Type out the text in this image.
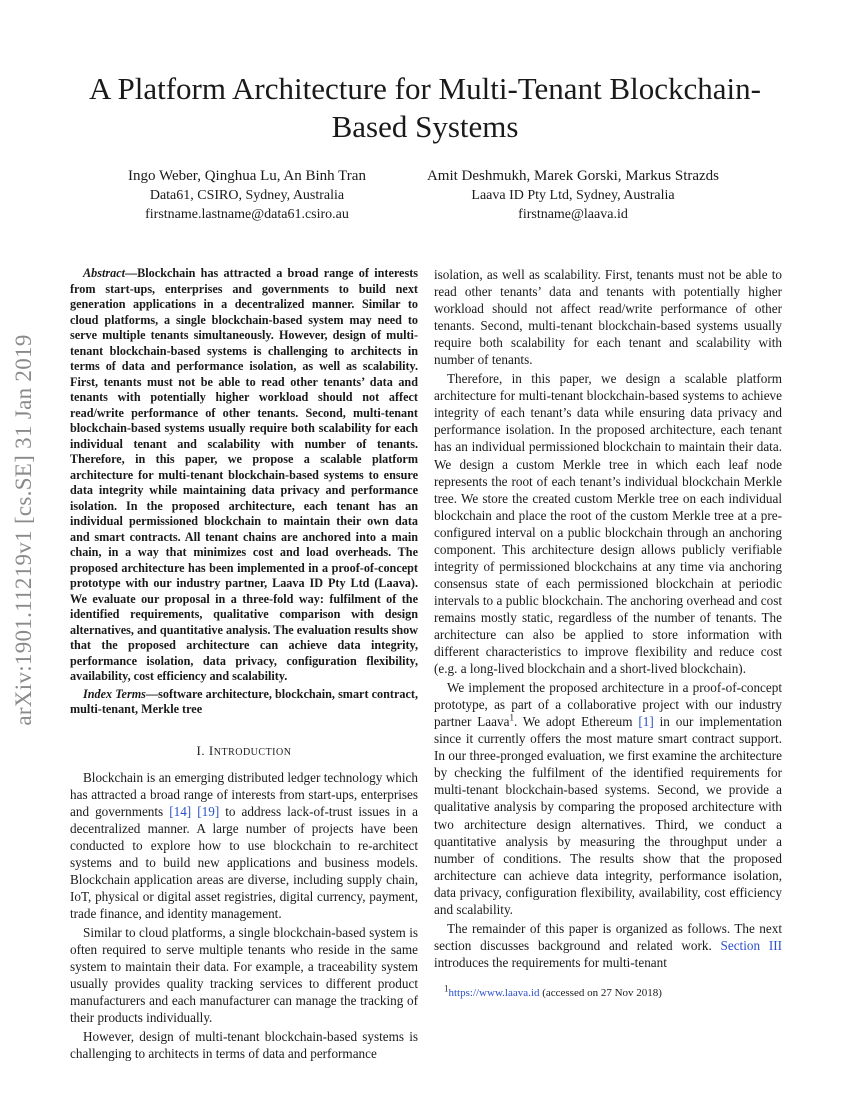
arXiv:1901.11219v1 [cs.SE] 31 Jan 2019
A Platform Architecture for Multi-Tenant Blockchain-Based Systems
Ingo Weber, Qinghua Lu, An Binh Tran
Data61, CSIRO, Sydney, Australia
firstname.lastname@data61.csiro.au
Amit Deshmukh, Marek Gorski, Markus Strazds
Laava ID Pty Ltd, Sydney, Australia
firstname@laava.id

Abstract—Blockchain has attracted a broad range of interests from start-ups, enterprises and governments to build next generation applications in a decentralized manner. Similar to cloud platforms, a single blockchain-based system may need to serve multiple tenants simultaneously. However, design of multi-tenant blockchain-based systems is challenging to architects in terms of data and performance isolation, as well as scalability. First, tenants must not be able to read other tenants’ data and tenants with potentially higher workload should not affect read/write performance of other tenants. Second, multi-tenant blockchain-based systems usually require both scalability for each individual tenant and scalability with number of tenants. Therefore, in this paper, we propose a scalable platform architecture for multi-tenant blockchain-based systems to ensure data integrity while maintaining data privacy and performance isolation. In the proposed architecture, each tenant has an individual permissioned blockchain to maintain their own data and smart contracts. All tenant chains are anchored into a main chain, in a way that minimizes cost and load overheads. The proposed architecture has been implemented in a proof-of-concept prototype with our industry partner, Laava ID Pty Ltd (Laava). We evaluate our proposal in a three-fold way: fulfilment of the identified requirements, qualitative comparison with design alternatives, and quantitative analysis. The evaluation results show that the proposed architecture can achieve data integrity, performance isolation, data privacy, configuration flexibility, availability, cost efficiency and scalability.

Index Terms—software architecture, blockchain, smart contract, multi-tenant, Merkle tree

I. INTRODUCTION

Blockchain is an emerging distributed ledger technology which has attracted a broad range of interests from start-ups, enterprises and governments [14] [19] to address lack-of-trust issues in a decentralized manner. A large number of projects have been conducted to explore how to use blockchain to re-architect systems and to build new applications and business models. Blockchain application areas are diverse, including supply chain, IoT, physical or digital asset registries, digital currency, payment, trade finance, and identity management.

Similar to cloud platforms, a single blockchain-based system is often required to serve multiple tenants who reside in the same system to maintain their data. For example, a traceability system usually provides quality tracking services to different product manufacturers and each manufacturer can manage the tracking of their products individually.

However, design of multi-tenant blockchain-based systems is challenging to architects in terms of data and performance

isolation, as well as scalability. First, tenants must not be able to read other tenants’ data and tenants with potentially higher workload should not affect read/write performance of other tenants. Second, multi-tenant blockchain-based systems usually require both scalability for each tenant and scalability with number of tenants.

Therefore, in this paper, we design a scalable platform architecture for multi-tenant blockchain-based systems to achieve integrity of each tenant’s data while ensuring data privacy and performance isolation. In the proposed architecture, each tenant has an individual permissioned blockchain to maintain their data. We design a custom Merkle tree in which each leaf node represents the root of each tenant’s individual blockchain Merkle tree. We store the created custom Merkle tree on each individual blockchain and place the root of the custom Merkle tree at a pre-configured interval on a public blockchain through an anchoring component. This architecture design allows publicly verifiable integrity of permissioned blockchains at any time via anchoring consensus state of each permissioned blockchain at periodic intervals to a public blockchain. The anchoring overhead and cost remains mostly static, regardless of the number of tenants. The architecture can also be applied to store information with different characteristics to improve flexibility and reduce cost (e.g. a long-lived blockchain and a short-lived blockchain).

We implement the proposed architecture in a proof-of-concept prototype, as part of a collaborative project with our industry partner Laava$^1$. We adopt Ethereum [1] in our implementation since it currently offers the most mature smart contract support. In our three-pronged evaluation, we first examine the architecture by checking the fulfilment of the identified requirements for multi-tenant blockchain-based systems. Second, we provide a qualitative analysis by comparing the proposed architecture with two architecture design alternatives. Third, we conduct a quantitative analysis by measuring the throughput under a number of conditions. The results show that the proposed architecture can achieve data integrity, performance isolation, data privacy, configuration flexibility, availability, cost efficiency and scalability.

The remainder of this paper is organized as follows. The next section discusses background and related work. Section III introduces the requirements for multi-tenant

$^1$https://www.laava.id (accessed on 27 Nov 2018)
